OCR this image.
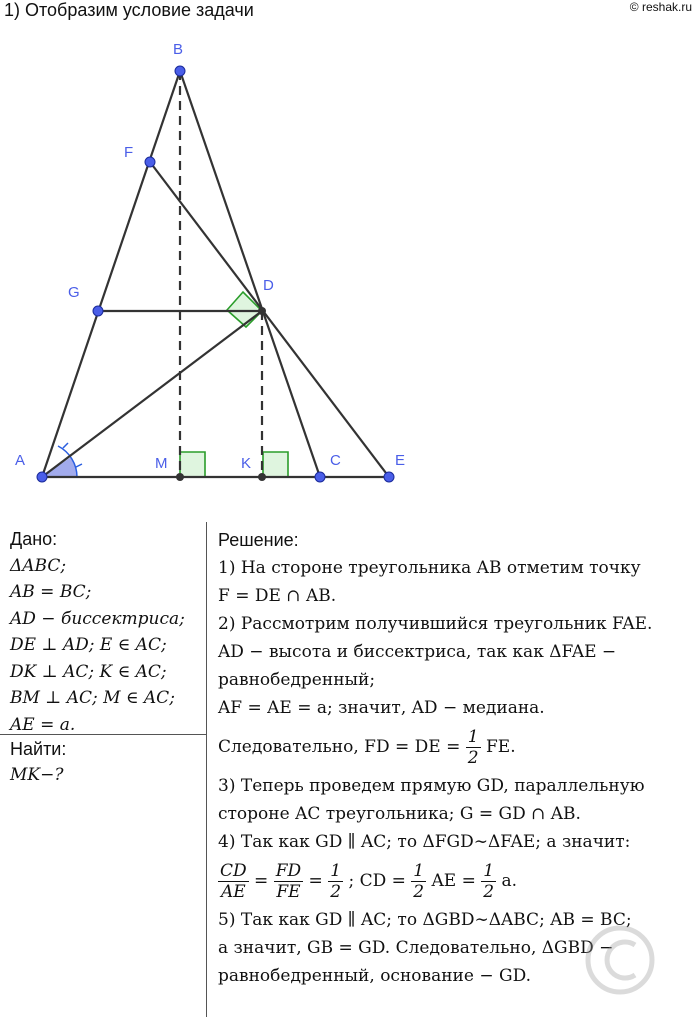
1) Отобразим условие задачи	© reshak.ru
B
F
G	D
A	M	K	C	E
Дано:
ΔABC;
AB = BC;
AD − биссектриса;
DE ⊥ AD; E ∈ AC;
DK ⊥ AC; K ∈ AC;
BM ⊥ AC; M ∈ AC;
AE = a.
Найти:
MK−?
Решение:
1) На стороне треугольника AB отметим точку
F = DE ∩ AB.
2) Рассмотрим получившийся треугольник FAE.
AD − высота и биссектриса, так как ΔFAE −
равнобедренный;
AF = AE = a; значит, AD − медиана.
Следовательно, FD = DE = $\frac{1}{2}$ FE.
3) Теперь проведем прямую GD, параллельную
стороне AC треугольника; G = GD ∩ AB.
4) Так как GD ∥ AC; то ΔFGD∼ΔFAE; а значит:
$\frac{CD}{AE} = \frac{FD}{FE} = \frac{1}{2}$ ; CD = $\frac{1}{2}$ AE = $\frac{1}{2} a$.
5) Так как GD ∥ AC; то ΔGBD∼ΔABC; AB = BC;
а значит, GB = GD. Следовательно, ΔGBD −
равнобедренный, основание − GD.
